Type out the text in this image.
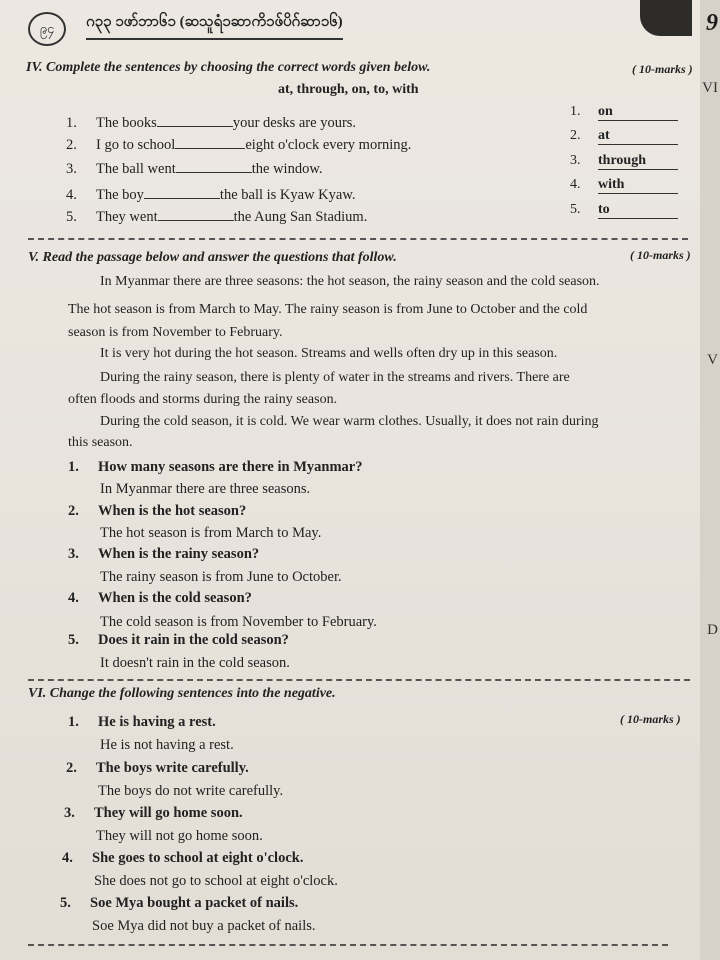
၉၄	ဂ၃၃ ၁ဖာ်ဘာ၆၁ (ဆသူရံ၁ဆာကိ၁ဖ်ပိဂ်ဆာ၁၆)
IV. Complete the sentences by choosing the correct words given below.	( 10-marks )
at, through, on, to, with
1. The books	your desks are yours.
2. I go to school	eight o'clock every morning.
3. The ball went	the window.
4. The boy	the ball is Kyaw Kyaw.
5. They went	the Aung San Stadium.
1. on
2. at
3. through
4. with
5. to
V. Read the passage below and answer the questions that follow.	( 10-marks )
In Myanmar there are three seasons: the hot season, the rainy season and the cold season.
The hot season is from March to May. The rainy season is from June to October and the cold
season is from November to February.
It is very hot during the hot season. Streams and wells often dry up in this season.
During the rainy season, there is plenty of water in the streams and rivers. There are
often floods and storms during the rainy season.
During the cold season, it is cold. We wear warm clothes. Usually, it does not rain during
this season.
1. How many seasons are there in Myanmar?
In Myanmar there are three seasons.
2. When is the hot season?
The hot season is from March to May.
3. When is the rainy season?
The rainy season is from June to October.
4. When is the cold season?
The cold season is from November to February.
5. Does it rain in the cold season?
It doesn't rain in the cold season.
VI. Change the following sentences into the negative.
( 10-marks )
1. He is having a rest.
He is not having a rest.
2. The boys write carefully.
The boys do not write carefully.
3. They will go home soon.
They will not go home soon.
4. She goes to school at eight o'clock.
She does not go to school at eight o'clock.
5. Soe Mya bought a packet of nails.
Soe Mya did not buy a packet of nails.
VI
V
D
9
